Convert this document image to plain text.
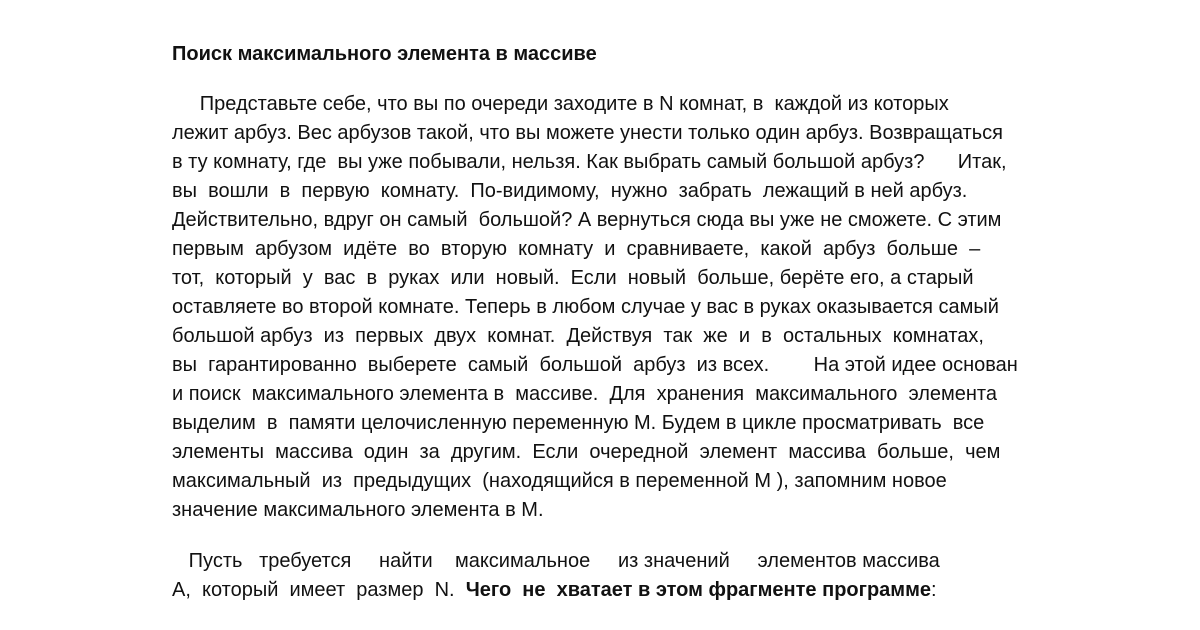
Поиск максимального элемента в массиве
Представьте себе, что вы по очереди заходите в N комнат, в  каждой из которых
лежит арбуз. Вес арбузов такой, что вы можете унести только один арбуз. Возвращаться
в ту комнату, где  вы уже побывали, нельзя. Как выбрать самый большой арбуз?      Итак,
вы  вошли  в  первую  комнату.  По-видимому,  нужно  забрать  лежащий в ней арбуз.
Действительно, вдруг он самый  большой? А вернуться сюда вы уже не сможете. С этим
первым  арбузом  идёте  во  вторую  комнату  и  сравниваете,  какой  арбуз  больше  –
тот,  который  у  вас  в  руках  или  новый.  Если  новый  больше, берёте его, а старый
оставляете во второй комнате. Теперь в любом случае у вас в руках оказывается самый
большой арбуз  из  первых  двух  комнат.  Действуя  так  же  и  в  остальных  комнатах,
вы  гарантированно  выберете  самый  большой  арбуз  из всех.        На этой идее основан
и поиск  максимального элемента в  массиве.  Для  хранения  максимального  элемента
выделим  в  памяти целочисленную переменную М. Будем в цикле просматривать  все
элементы  массива  один  за  другим.  Если  очередной  элемент  массива  больше,  чем
максимальный  из  предыдущих  (находящийся в переменной М ), запомним новое
значение максимального элемента в М.
Пусть   требуется     найти    максимальное     из значений     элементов массива
А,  который  имеет  размер  N.  Чего  не  хватает в этом фрагменте программе:
